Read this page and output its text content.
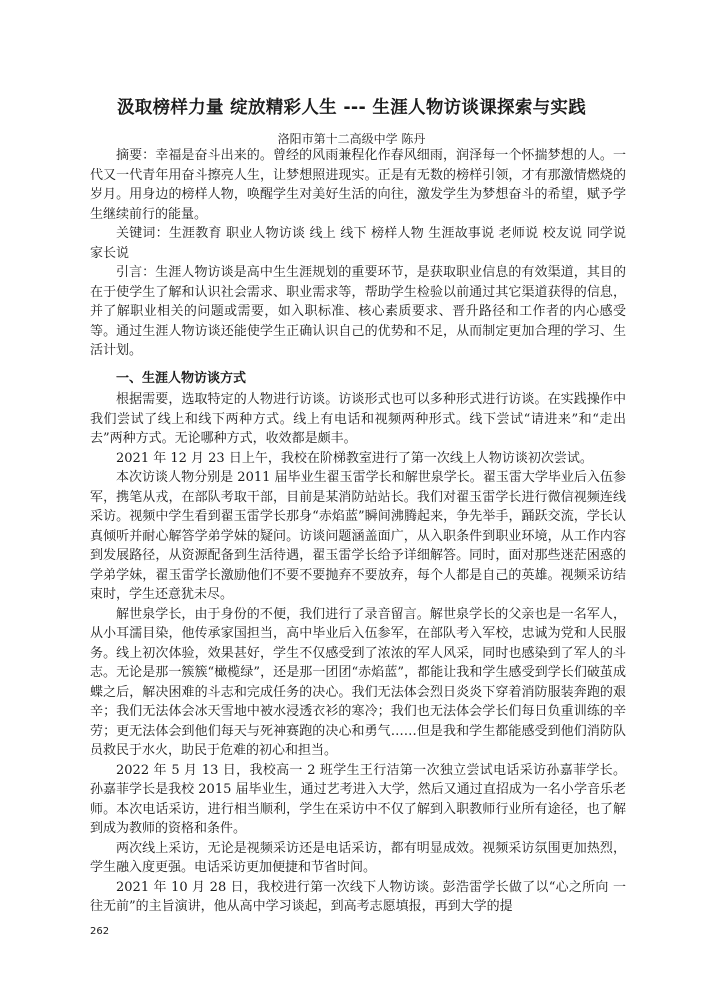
汲取榜样力量 绽放精彩人生 --- 生涯人物访谈课探索与实践
洛阳市第十二高级中学 陈丹

摘要：幸福是奋斗出来的。曾经的风雨兼程化作春风细雨，润泽每一个怀揣梦想的人。一代又一代青年用奋斗擦亮人生，让梦想照进现实。正是有无数的榜样引领，才有那激情燃烧的岁月。用身边的榜样人物，唤醒学生对美好生活的向往，激发学生为梦想奋斗的希望，赋予学生继续前行的能量。

关键词：生涯教育 职业人物访谈 线上 线下 榜样人物 生涯故事说 老师说 校友说 同学说 家长说

引言：生涯人物访谈是高中生生涯规划的重要环节，是获取职业信息的有效渠道，其目的在于使学生了解和认识社会需求、职业需求等，帮助学生检验以前通过其它渠道获得的信息，并了解职业相关的问题或需要，如入职标准、核心素质要求、晋升路径和工作者的内心感受等。通过生涯人物访谈还能使学生正确认识自己的优势和不足，从而制定更加合理的学习、生活计划。

一、生涯人物访谈方式

根据需要，选取特定的人物进行访谈。访谈形式也可以多种形式进行访谈。在实践操作中我们尝试了线上和线下两种方式。线上有电话和视频两种形式。线下尝试“请进来”和“走出去”两种方式。无论哪种方式，收效都是颇丰。

2021 年 12 月 23 日上午，我校在阶梯教室进行了第一次线上人物访谈初次尝试。

本次访谈人物分别是 2011 届毕业生翟玉雷学长和解世泉学长。翟玉雷大学毕业后入伍参军，携笔从戎，在部队考取干部，目前是某消防站站长。我们对翟玉雷学长进行微信视频连线采访。视频中学生看到翟玉雷学长那身“赤焰蓝”瞬间沸腾起来，争先举手，踊跃交流，学长认真倾听并耐心解答学弟学妹的疑问。访谈问题涵盖面广，从入职条件到职业环境，从工作内容到发展路径，从资源配备到生活待遇，翟玉雷学长给予详细解答。同时，面对那些迷茫困惑的学弟学妹，翟玉雷学长激励他们不要不要抛弃不要放弃，每个人都是自己的英雄。视频采访结束时，学生还意犹未尽。

解世泉学长，由于身份的不便，我们进行了录音留言。解世泉学长的父亲也是一名军人，从小耳濡目染，他传承家国担当，高中毕业后入伍参军，在部队考入军校，忠诚为党和人民服务。线上初次体验，效果甚好，学生不仅感受到了浓浓的军人风采，同时也感染到了军人的斗志。无论是那一簇簇“橄榄绿”，还是那一团团“赤焰蓝”，都能让我和学生感受到学长们破茧成蝶之后，解决困难的斗志和完成任务的决心。我们无法体会烈日炎炎下穿着消防服装奔跑的艰辛；我们无法体会冰天雪地中被水浸透衣衫的寒冷；我们也无法体会学长们每日负重训练的辛劳；更无法体会到他们每天与死神赛跑的决心和勇气……但是我和学生都能感受到他们消防队员救民于水火，助民于危难的初心和担当。

2022 年 5 月 13 日，我校高一 2 班学生王行洁第一次独立尝试电话采访孙嘉菲学长。孙嘉菲学长是我校 2015 届毕业生，通过艺考进入大学，然后又通过直招成为一名小学音乐老师。本次电话采访，进行相当顺利，学生在采访中不仅了解到入职教师行业所有途径，也了解到成为教师的资格和条件。

两次线上采访，无论是视频采访还是电话采访，都有明显成效。视频采访氛围更加热烈，学生融入度更强。电话采访更加便捷和节省时间。

2021 年 10 月 28 日，我校进行第一次线下人物访谈。彭浩雷学长做了以“心之所向 一往无前”的主旨演讲，他从高中学习谈起，到高考志愿填报，再到大学的提

262
